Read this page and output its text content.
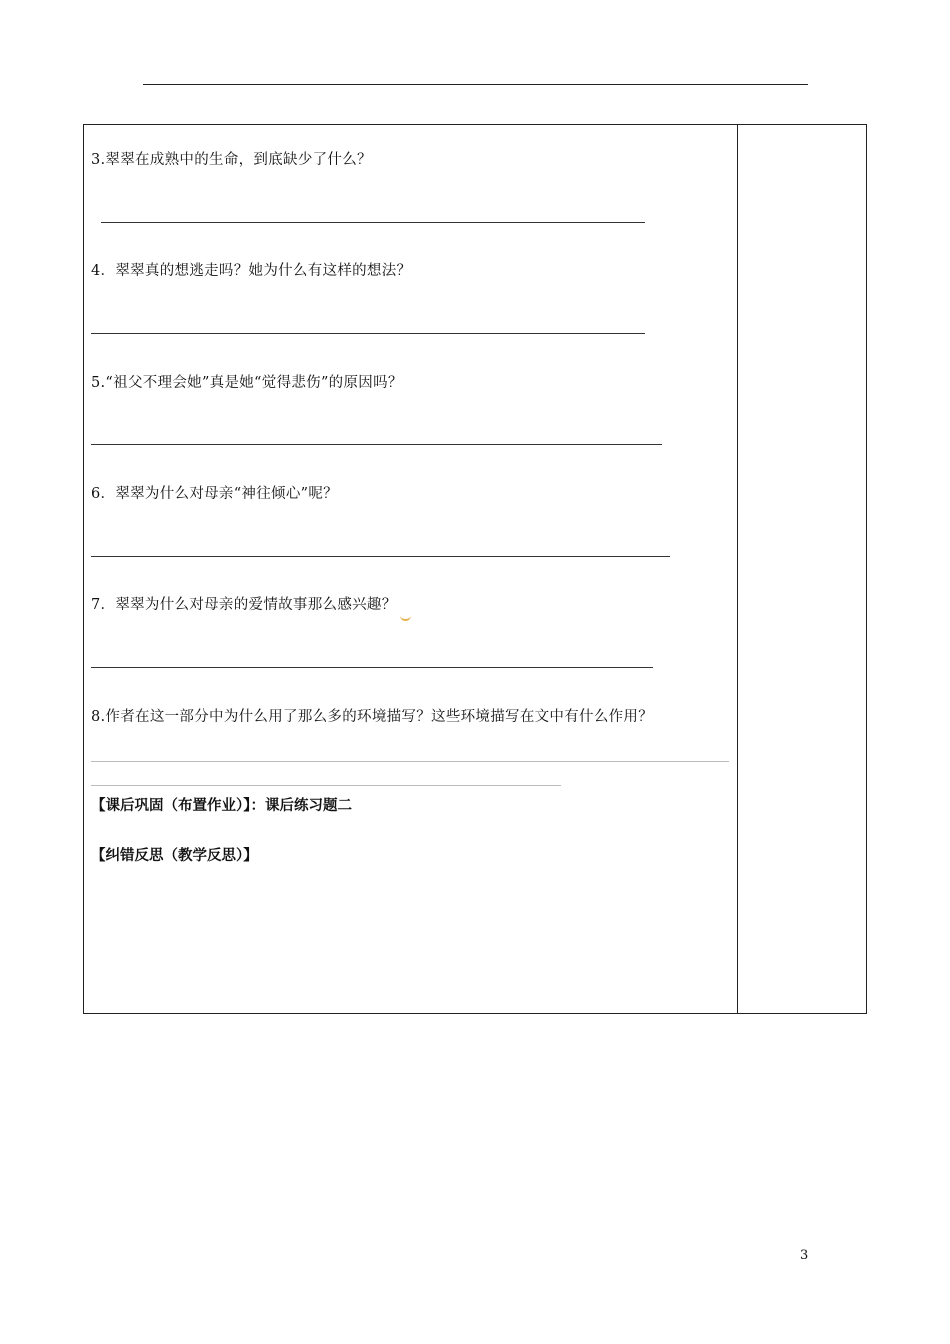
3.翠翠在成熟中的生命，到底缺少了什么？
4．翠翠真的想逃走吗？她为什么有这样的想法？
5.“祖父不理会她”真是她“觉得悲伤”的原因吗？
6．翠翠为什么对母亲“神往倾心”呢？
7．翠翠为什么对母亲的爱情故事那么感兴趣？
8.作者在这一部分中为什么用了那么多的环境描写？这些环境描写在文中有什么作用？
【课后巩固（布置作业）】：课后练习题二
【纠错反思（教学反思）】
3
